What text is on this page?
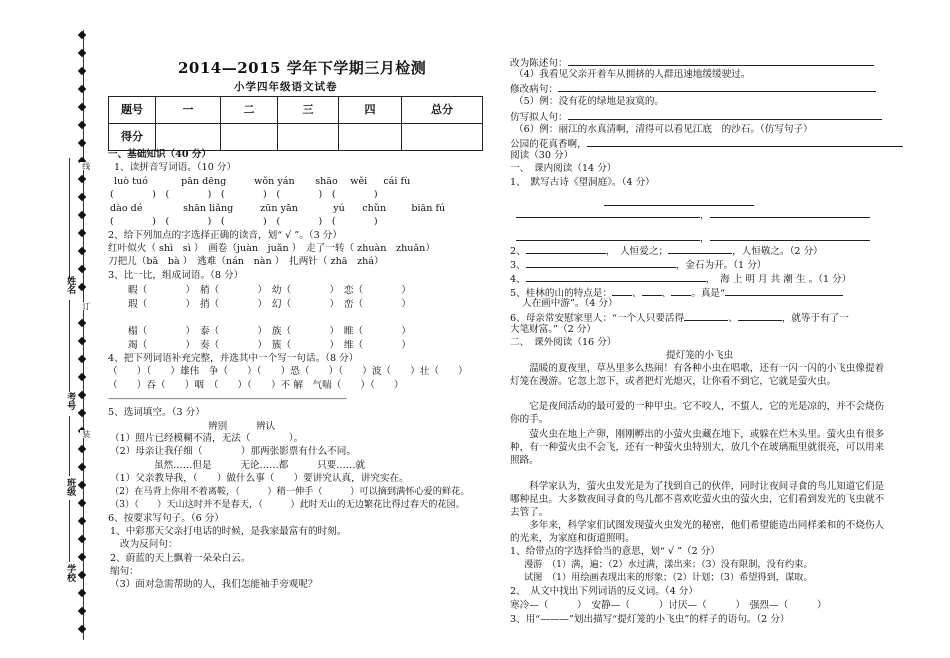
线
订
装
姓名
考号
班级
学校
2014—2015 学年下学期三月检测
小学四年级语文试卷
题号	一	二	三	四	总分
得分					
一、基础知识（40 分）
1、读拼音写词语。（10 分）
luò tuó	pān dēng	wǒn yán shāo wěi cái fù
(　　　　)　(　　　　)　(　　　　)　(　　　　)　(　　　　)
dào dé	shān liǎng	zūn yān	yú chǔn	biān fú
(　　　　)　(　　　　)　(　　　　)　(　　　　)　(　　　　)
2、给下列加点的字选择正确的读音，划“ √ ”。（3 分）
红叶似火（ shì　sì ）　画卷（juàn　juǎn ）　走了一转（ zhuàn　zhuǎn）
刀把儿（bǎ　bà ）　逃难（nán　nàn ）　扎两针（ zhā　zhá）
3、比一比，组成词语。（8 分）
暇（　　　　）　稍（　　　　）　幼（　　　　）　恋（　　　　）
瑕（　　　　）　捎（　　　　）　幻（　　　　）　峦（　　　　）
榻（　　　　）　泰（　　　　）　族（　　　　）　睢（　　　　）
竭（　　　　）　奏（　　　　）　簇（　　　　）　维（　　　　）
4、把下列词语补充完整，并选其中一个写一句话。（8 分）
（　　）（　　）雄伟　争（　　）（　　）恐（　　）（　　）波（　　）壮（　　）
（　　）吞（　　）咽　（　　）（　　）不 解　气喘（　　）（　　）
——————————————————————————————————
5、选词填空。（3 分）
辨别　　　辨认
（1）照片已经模糊不清，无法（　　　　）。
（2）母亲让我仔细（　　　　）那两张影票有什么不同。
虽然……但是　　　无论……都　　　只要……就
（1）父亲教导我，（　　）做什么事（　　）要讲究认真，讲究实在。
（2）在马背上你用不着离鞍，（　　　）稍一伸手（　　　）可以摘到满怀心爱的鲜花。
（3）（　　）天山这时并不是春天，（　　　）此时天山的无边繁花比得过春天的花园。
6、按要求写句子。（6 分）
1、中彩那天父亲打电话的时候，是我家最富有的时刻。
改为反问句：
2、蔚蓝的天上飘着一朵朵白云。
缩句：
（3）面对急需帮助的人，我们怎能袖手旁观呢？
改为陈述句：
（4）我看见父亲开着车从拥挤的人群迅速地缓缓驶过。
修改病句：
（5）例：没有花的绿地是寂寞的。
仿写拟人句：
（6）例：丽江的水真清啊，清得可以看见江底　的沙石。（仿写句子）
公园的花真香啊，
阅读（30 分）
一、　课内阅读（14 分）
1、　默写古诗《望洞庭》。（4 分）
，
，
2、	，　人恒爱之；	，人恒敬之。（2 分）
3、	，金石为开。（1 分）
4、	，　海 上 明 月 共 潮 生 。（1 分）
5、桂林的山的特点是： 、 、 。真是“
人在画中游”。（4 分）
6、母亲常安慰家里人：“一个人只要活得	、	，就等于有了一
大笔财富。”（2 分）
二、　课外阅读（16 分）
提灯笼的小飞虫
温暖的夏夜里，草丛里多么热闹！有各种小虫在唱歌，还有一闪一闪的小飞虫像提着灯笼在漫游。它忽上忽下，或者把灯光熄灭，让你看不到它，它就是萤火虫。
它是夜间活动的最可爱的一种甲虫。它不咬人，不蜇人，它的光是凉的，并不会烧伤你的手。
萤火虫在地上产卵，刚刚孵出的小萤火虫藏在地下，或躲在烂木头里。萤火虫有很多种，有一种萤火虫不会飞，还有一种萤火虫特别大，放几个在玻璃瓶里就很亮，可以用来照路。
科学家认为，萤火虫发光是为了找到自己的伙伴，同时让夜间寻食的鸟儿知道它们是哪种昆虫。大多数夜间寻食的鸟儿都不喜欢吃萤火虫的萤火虫，它们看到发光的飞虫就不去管了。
多年来，科学家们试图发现萤火虫发光的秘密，他们希望能造出同样柔和的不烧伤人的光来，为家庭和街道照明。
1、给带点的字选择恰当的意思，划“ √ ”（2 分）
漫游　（1）满，遍；（2）水过满，漾出来；（3）没有限制，没有约束。
试图　（1）用绘画表现出来的形象；（2）计划；（3）希望得到，谋取。
2、　从文中找出下列词语的反义词。（4 分）
寒冷—（　　　）　安静—（　　　）讨厌—（　　　）　强烈—（　　　）
3、用“———”划出描写“提灯笼的小飞虫”的样子的语句。（2 分）
